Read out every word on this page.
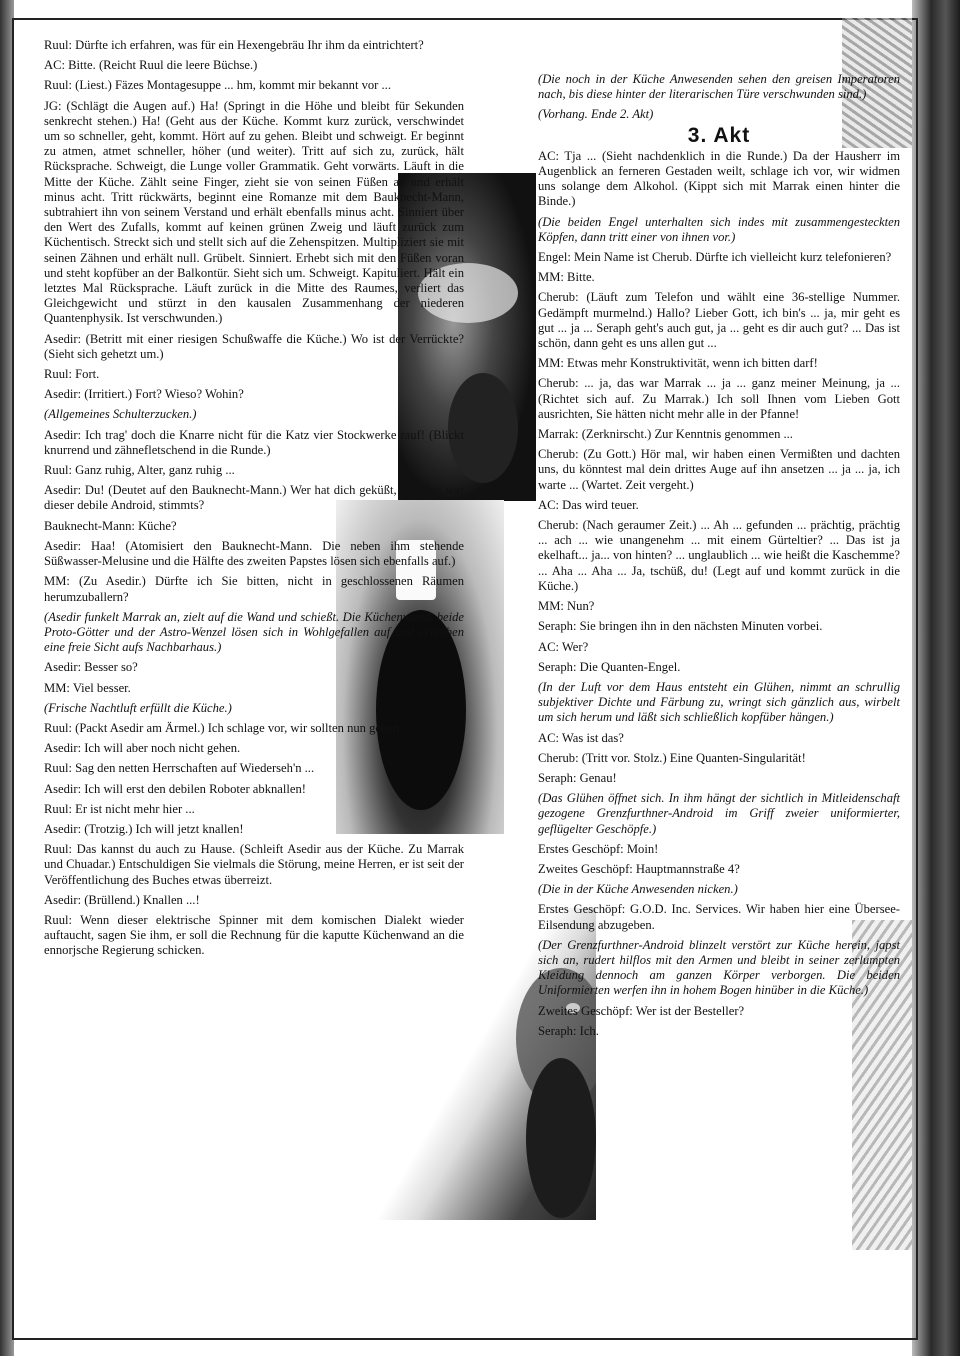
Ruul: Dürfte ich erfahren, was für ein Hexengebräu Ihr ihm da eintrichtert?

AC: Bitte. (Reicht Ruul die leere Büchse.)

Ruul: (Liest.) Fäzes Montagesuppe ... hm, kommt mir bekannt vor ...

JG: (Schlägt die Augen auf.) Ha! (Springt in die Höhe und bleibt für Sekunden senkrecht stehen.) Ha! (Geht aus der Küche. Kommt kurz zurück, verschwindet um so schneller, geht, kommt. Hört auf zu gehen. Bleibt und schweigt. Er beginnt zu atmen, atmet schneller, höher (und weiter). Tritt auf sich zu, zurück, hält Rücksprache. Schweigt, die Lunge voller Grammatik. Geht vorwärts. Läuft in die Mitte der Küche. Zählt seine Finger, zieht sie von seinen Füßen ab und erhält minus acht. Tritt rückwärts, beginnt eine Romanze mit dem Bauknecht-Mann, subtrahiert ihn von seinem Verstand und erhält ebenfalls minus acht. Sinniert über den Wert des Zufalls, kommt auf keinen grünen Zweig und läuft zurück zum Küchentisch. Streckt sich und stellt sich auf die Zehenspitzen. Multipliziert sie mit seinen Zähnen und erhält null. Grübelt. Sinniert. Erhebt sich mit den Füßen voran und steht kopfüber an der Balkontür. Sieht sich um. Schweigt. Kapituliert. Hält ein letztes Mal Rücksprache. Läuft zurück in die Mitte des Raumes, verliert das Gleichgewicht und stürzt in den kausalen Zusammenhang der niederen Quantenphysik. Ist verschwunden.)

Asedir: (Betritt mit einer riesigen Schußwaffe die Küche.) Wo ist der Verrückte? (Sieht sich gehetzt um.)

Ruul: Fort.

Asedir: (Irritiert.) Fort? Wieso? Wohin?

(Allgemeines Schulterzucken.)

Asedir: Ich trag' doch die Knarre nicht für die Katz vier Stockwerke rauf! (Blickt knurrend und zähnefletschend in die Runde.)

Ruul: Ganz ruhig, Alter, ganz ruhig ...

Asedir: Du! (Deutet auf den Bauknecht-Mann.) Wer hat dich geküßt, hä? Das war dieser debile Android, stimmts?

Bauknecht-Mann: Küche?

Asedir: Haa! (Atomisiert den Bauknecht-Mann. Die neben ihm stehende Süßwasser-Melusine und die Hälfte des zweiten Papstes lösen sich ebenfalls auf.)

MM: (Zu Asedir.) Dürfte ich Sie bitten, nicht in geschlossenen Räumen herumzuballern?

(Asedir funkelt Marrak an, zielt auf die Wand und schießt. Die Küchenwand, beide Proto-Götter und der Astro-Wenzel lösen sich in Wohlgefallen auf und erlauben eine freie Sicht aufs Nachbarhaus.)

Asedir: Besser so?

MM: Viel besser.

(Frische Nachtluft erfüllt die Küche.)

Ruul: (Packt Asedir am Ärmel.) Ich schlage vor, wir sollten nun gehen ...

Asedir: Ich will aber noch nicht gehen.

Ruul: Sag den netten Herrschaften auf Wiederseh'n ...

Asedir: Ich will erst den debilen Roboter abknallen!

Ruul: Er ist nicht mehr hier ...

Asedir: (Trotzig.) Ich will jetzt knallen!

Ruul: Das kannst du auch zu Hause. (Schleift Asedir aus der Küche. Zu Marrak und Chuadar.) Entschuldigen Sie vielmals die Störung, meine Herren, er ist seit der Veröffentlichung des Buches etwas überreizt.

Asedir: (Brüllend.) Knallen ...!

Ruul: Wenn dieser elektrische Spinner mit dem komischen Dialekt wieder auftaucht, sagen Sie ihm, er soll die Rechnung für die kaputte Küchenwand an die ennorjsche Regierung schicken.

(Die noch in der Küche Anwesenden sehen den greisen Imperatoren nach, bis diese hinter der literarischen Türe verschwunden sind.)

(Vorhang. Ende 2. Akt)

3. Akt

AC: Tja ... (Sieht nachdenklich in die Runde.) Da der Hausherr im Augenblick an ferneren Gestaden weilt, schlage ich vor, wir widmen uns solange dem Alkohol. (Kippt sich mit Marrak einen hinter die Binde.)

(Die beiden Engel unterhalten sich indes mit zusammengesteckten Köpfen, dann tritt einer von ihnen vor.)

Engel: Mein Name ist Cherub. Dürfte ich vielleicht kurz telefonieren?

MM: Bitte.

Cherub: (Läuft zum Telefon und wählt eine 36-stellige Nummer. Gedämpft murmelnd.) Hallo? Lieber Gott, ich bin's ... ja, mir geht es gut ... ja ... Seraph geht's auch gut, ja ... geht es dir auch gut? ... Das ist schön, dann geht es uns allen gut ...

MM: Etwas mehr Konstruktivität, wenn ich bitten darf!

Cherub: ... ja, das war Marrak ... ja ... ganz meiner Meinung, ja ... (Richtet sich auf. Zu Marrak.) Ich soll Ihnen vom Lieben Gott ausrichten, Sie hätten nicht mehr alle in der Pfanne!

Marrak: (Zerknirscht.) Zur Kenntnis genommen ...

Cherub: (Zu Gott.) Hör mal, wir haben einen Vermißten und dachten uns, du könntest mal dein drittes Auge auf ihn ansetzen ... ja ... ja, ich warte ... (Wartet. Zeit vergeht.)

AC: Das wird teuer.

Cherub: (Nach geraumer Zeit.) ... Ah ... gefunden ... prächtig, prächtig ... ach ... wie unangenehm ... mit einem Gürteltier? ... Das ist ja ekelhaft... ja... von hinten? ... unglaublich ... wie heißt die Kaschemme? ... Aha ... Aha ... Ja, tschüß, du! (Legt auf und kommt zurück in die Küche.)

MM: Nun?

Seraph: Sie bringen ihn in den nächsten Minuten vorbei.

AC: Wer?

Seraph: Die Quanten-Engel.

(In der Luft vor dem Haus entsteht ein Glühen, nimmt an schrullig subjektiver Dichte und Färbung zu, wringt sich gänzlich aus, wirbelt um sich herum und läßt sich schließlich kopfüber hängen.)

AC: Was ist das?

Cherub: (Tritt vor. Stolz.) Eine Quanten-Singularität!

Seraph: Genau!

(Das Glühen öffnet sich. In ihm hängt der sichtlich in Mitleidenschaft gezogene Grenzfurthner-Android im Griff zweier uniformierter, geflügelter Geschöpfe.)

Erstes Geschöpf: Moin!

Zweites Geschöpf: Hauptmannstraße 4?

(Die in der Küche Anwesenden nicken.)

Erstes Geschöpf: G.O.D. Inc. Services. Wir haben hier eine Übersee-Eilsendung abzugeben.

(Der Grenzfurthner-Android blinzelt verstört zur Küche herein, japst sich an, rudert hilflos mit den Armen und bleibt in seiner zerlumpten Kleidung dennoch am ganzen Körper verborgen. Die beiden Uniformierten werfen ihn in hohem Bogen hinüber in die Küche.)

Zweites Geschöpf: Wer ist der Besteller?

Seraph: Ich.
